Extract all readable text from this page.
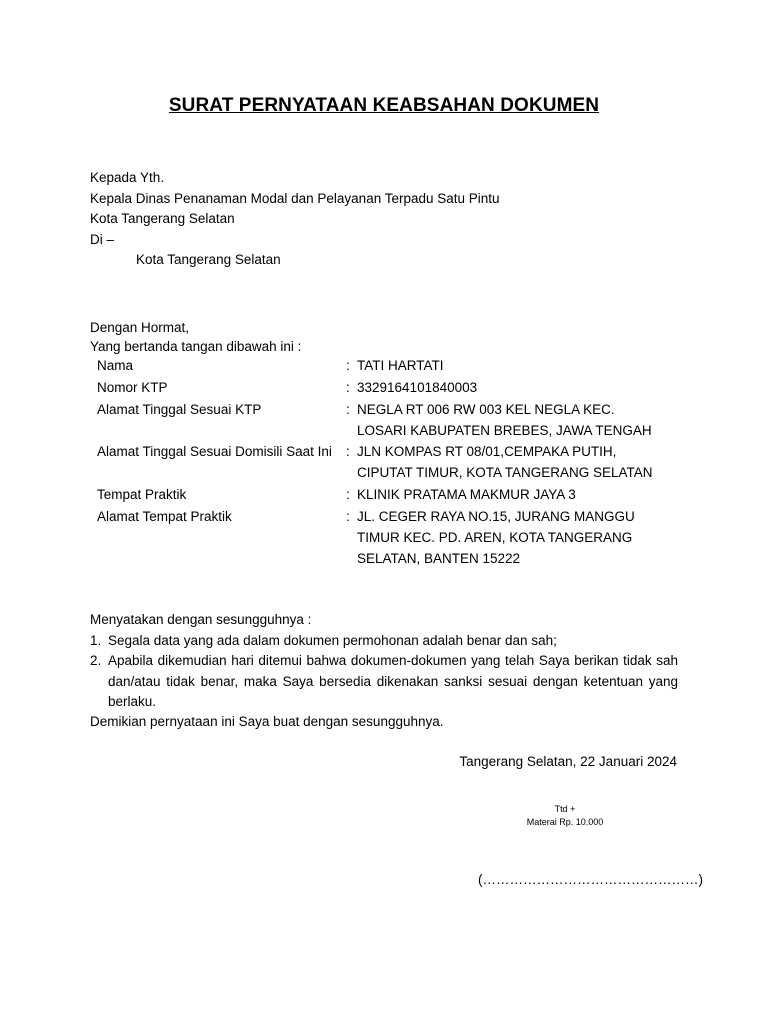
SURAT PERNYATAAN KEABSAHAN DOKUMEN
Kepada Yth.
Kepala Dinas Penanaman Modal dan Pelayanan Terpadu Satu Pintu
Kota Tangerang Selatan
Di –
Kota Tangerang Selatan
Dengan Hormat,
Yang bertanda tangan dibawah ini :
Nama	: TATI HARTATI
Nomor KTP	: 3329164101840003
Alamat Tinggal Sesuai KTP	: NEGLA RT 006 RW 003 KEL NEGLA KEC. LOSARI KABUPATEN BREBES, JAWA TENGAH
Alamat Tinggal Sesuai Domisili Saat Ini : JLN KOMPAS RT 08/01,CEMPAKA PUTIH, CIPUTAT TIMUR, KOTA TANGERANG SELATAN
Tempat Praktik	: KLINIK PRATAMA MAKMUR JAYA 3
Alamat Tempat Praktik	: JL. CEGER RAYA NO.15, JURANG MANGGU TIMUR KEC. PD. AREN, KOTA TANGERANG SELATAN, BANTEN 15222
Menyatakan dengan sesungguhnya :
1. Segala data yang ada dalam dokumen permohonan adalah benar dan sah;
2. Apabila dikemudian hari ditemui bahwa dokumen-dokumen yang telah Saya berikan tidak sah dan/atau tidak benar, maka Saya bersedia dikenakan sanksi sesuai dengan ketentuan yang berlaku.
Demikian pernyataan ini Saya buat dengan sesungguhnya.
Tangerang Selatan, 22 Januari 2024
Ttd +
Materai Rp. 10.000
(…………………………………………)
